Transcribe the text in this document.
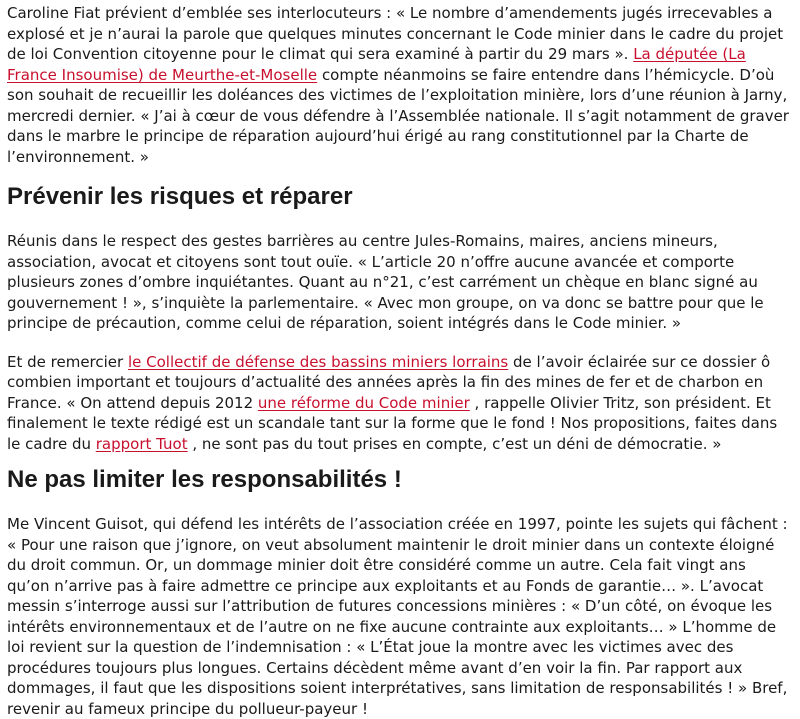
Caroline Fiat prévient d’emblée ses interlocuteurs : « Le nombre d’amendements jugés irrecevables a explosé et je n’aurai la parole que quelques minutes concernant le Code minier dans le cadre du projet de loi Convention citoyenne pour le climat qui sera examiné à partir du 29 mars ». La députée (La France Insoumise) de Meurthe-et-Moselle compte néanmoins se faire entendre dans l’hémicycle. D’où son souhait de recueillir les doléances des victimes de l’exploitation minière, lors d’une réunion à Jarny, mercredi dernier. « J’ai à cœur de vous défendre à l’Assemblée nationale. Il s’agit notamment de graver dans le marbre le principe de réparation aujourd’hui érigé au rang constitutionnel par la Charte de l’environnement. »

Prévenir les risques et réparer

Réunis dans le respect des gestes barrières au centre Jules-Romains, maires, anciens mineurs, association, avocat et citoyens sont tout ouïe. « L’article 20 n’offre aucune avancée et comporte plusieurs zones d’ombre inquiétantes. Quant au n°21, c’est carrément un chèque en blanc signé au gouvernement ! », s’inquiète la parlementaire. « Avec mon groupe, on va donc se battre pour que le principe de précaution, comme celui de réparation, soient intégrés dans le Code minier. »

Et de remercier le Collectif de défense des bassins miniers lorrains de l’avoir éclairée sur ce dossier ô combien important et toujours d’actualité des années après la fin des mines de fer et de charbon en France. « On attend depuis 2012 une réforme du Code minier , rappelle Olivier Tritz, son président. Et finalement le texte rédigé est un scandale tant sur la forme que le fond ! Nos propositions, faites dans le cadre du rapport Tuot , ne sont pas du tout prises en compte, c’est un déni de démocratie. »

Ne pas limiter les responsabilités !

Me Vincent Guisot, qui défend les intérêts de l’association créée en 1997, pointe les sujets qui fâchent : « Pour une raison que j’ignore, on veut absolument maintenir le droit minier dans un contexte éloigné du droit commun. Or, un dommage minier doit être considéré comme un autre. Cela fait vingt ans qu’on n’arrive pas à faire admettre ce principe aux exploitants et au Fonds de garantie… ». L’avocat messin s’interroge aussi sur l’attribution de futures concessions minières : « D’un côté, on évoque les intérêts environnementaux et de l’autre on ne fixe aucune contrainte aux exploitants… » L’homme de loi revient sur la question de l’indemnisation : « L’État joue la montre avec les victimes avec des procédures toujours plus longues. Certains décèdent même avant d’en voir la fin. Par rapport aux dommages, il faut que les dispositions soient interprétatives, sans limitation de responsabilités ! » Bref, revenir au fameux principe du pollueur-payeur !
